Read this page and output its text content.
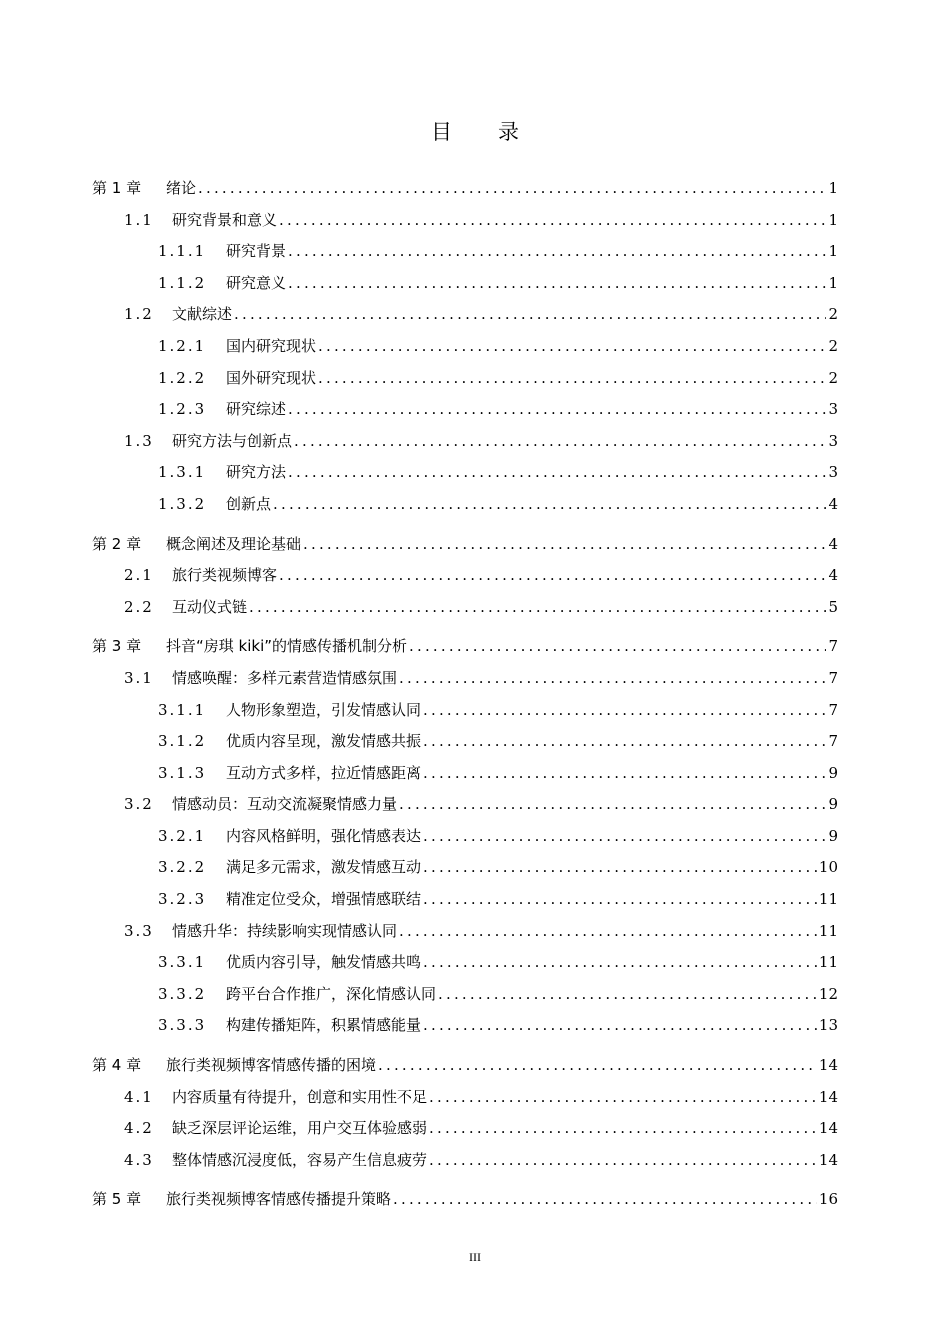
目录
第 1 章	绪论 .....	1
1.1	研究背景和意义 .....	1
1.1.1	研究背景 .....	1
1.1.2	研究意义 .....	1
1.2	文献综述 .....	2
1.2.1	国内研究现状 .....	2
1.2.2	国外研究现状 .....	2
1.2.3	研究综述 .....	3
1.3	研究方法与创新点 .....	3
1.3.1	研究方法 .....	3
1.3.2	创新点 .....	4
第 2 章	概念阐述及理论基础 .....	4
2.1	旅行类视频博客 .....	4
2.2	互动仪式链 .....	5
第 3 章	抖音“房琪 kiki”的情感传播机制分析 .....	7
3.1	情感唤醒：多样元素营造情感氛围 .....	7
3.1.1	人物形象塑造，引发情感认同 .....	7
3.1.2	优质内容呈现，激发情感共振 .....	7
3.1.3	互动方式多样，拉近情感距离 .....	9
3.2	情感动员：互动交流凝聚情感力量 .....	9
3.2.1	内容风格鲜明，强化情感表达 .....	9
3.2.2	满足多元需求，激发情感互动 .....	10
3.2.3	精准定位受众，增强情感联结 .....	11
3.3	情感升华：持续影响实现情感认同 .....	11
3.3.1	优质内容引导，触发情感共鸣 .....	11
3.3.2	跨平台合作推广，深化情感认同 .....	12
3.3.3	构建传播矩阵，积累情感能量 .....	13
第 4 章	旅行类视频博客情感传播的困境 .....	14
4.1	内容质量有待提升，创意和实用性不足 .....	14
4.2	缺乏深层评论运维，用户交互体验感弱 .....	14
4.3	整体情感沉浸度低，容易产生信息疲劳 .....	14
第 5 章	旅行类视频博客情感传播提升策略 .....	16
III
